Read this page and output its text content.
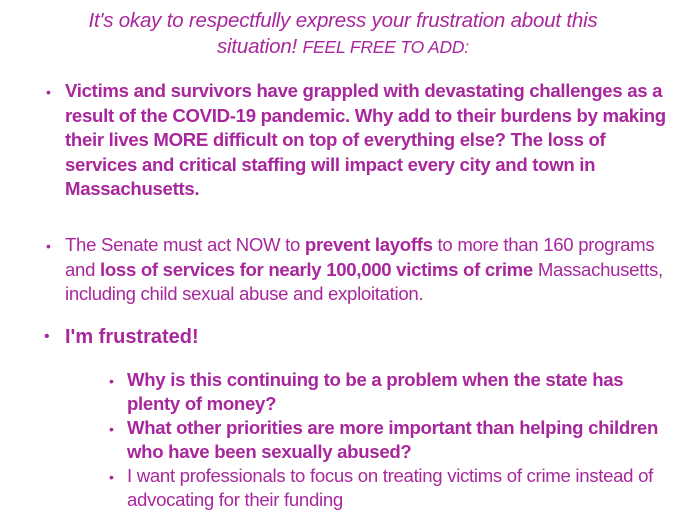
It's okay to respectfully express your frustration about this
situation! FEEL FREE TO ADD:
• Victims and survivors have grappled with devastating challenges as a result of the COVID-19 pandemic. Why add to their burdens by making their lives MORE difficult on top of everything else? The loss of services and critical staffing will impact every city and town in Massachusetts.

• The Senate must act NOW to prevent layoffs to more than 160 programs and loss of services for nearly 100,000 victims of crime Massachusetts, including child sexual abuse and exploitation.

• I'm frustrated!

• Why is this continuing to be a problem when the state has plenty of money?

• What other priorities are more important than helping children who have been sexually abused?

• I want professionals to focus on treating victims of crime instead of advocating for their funding
